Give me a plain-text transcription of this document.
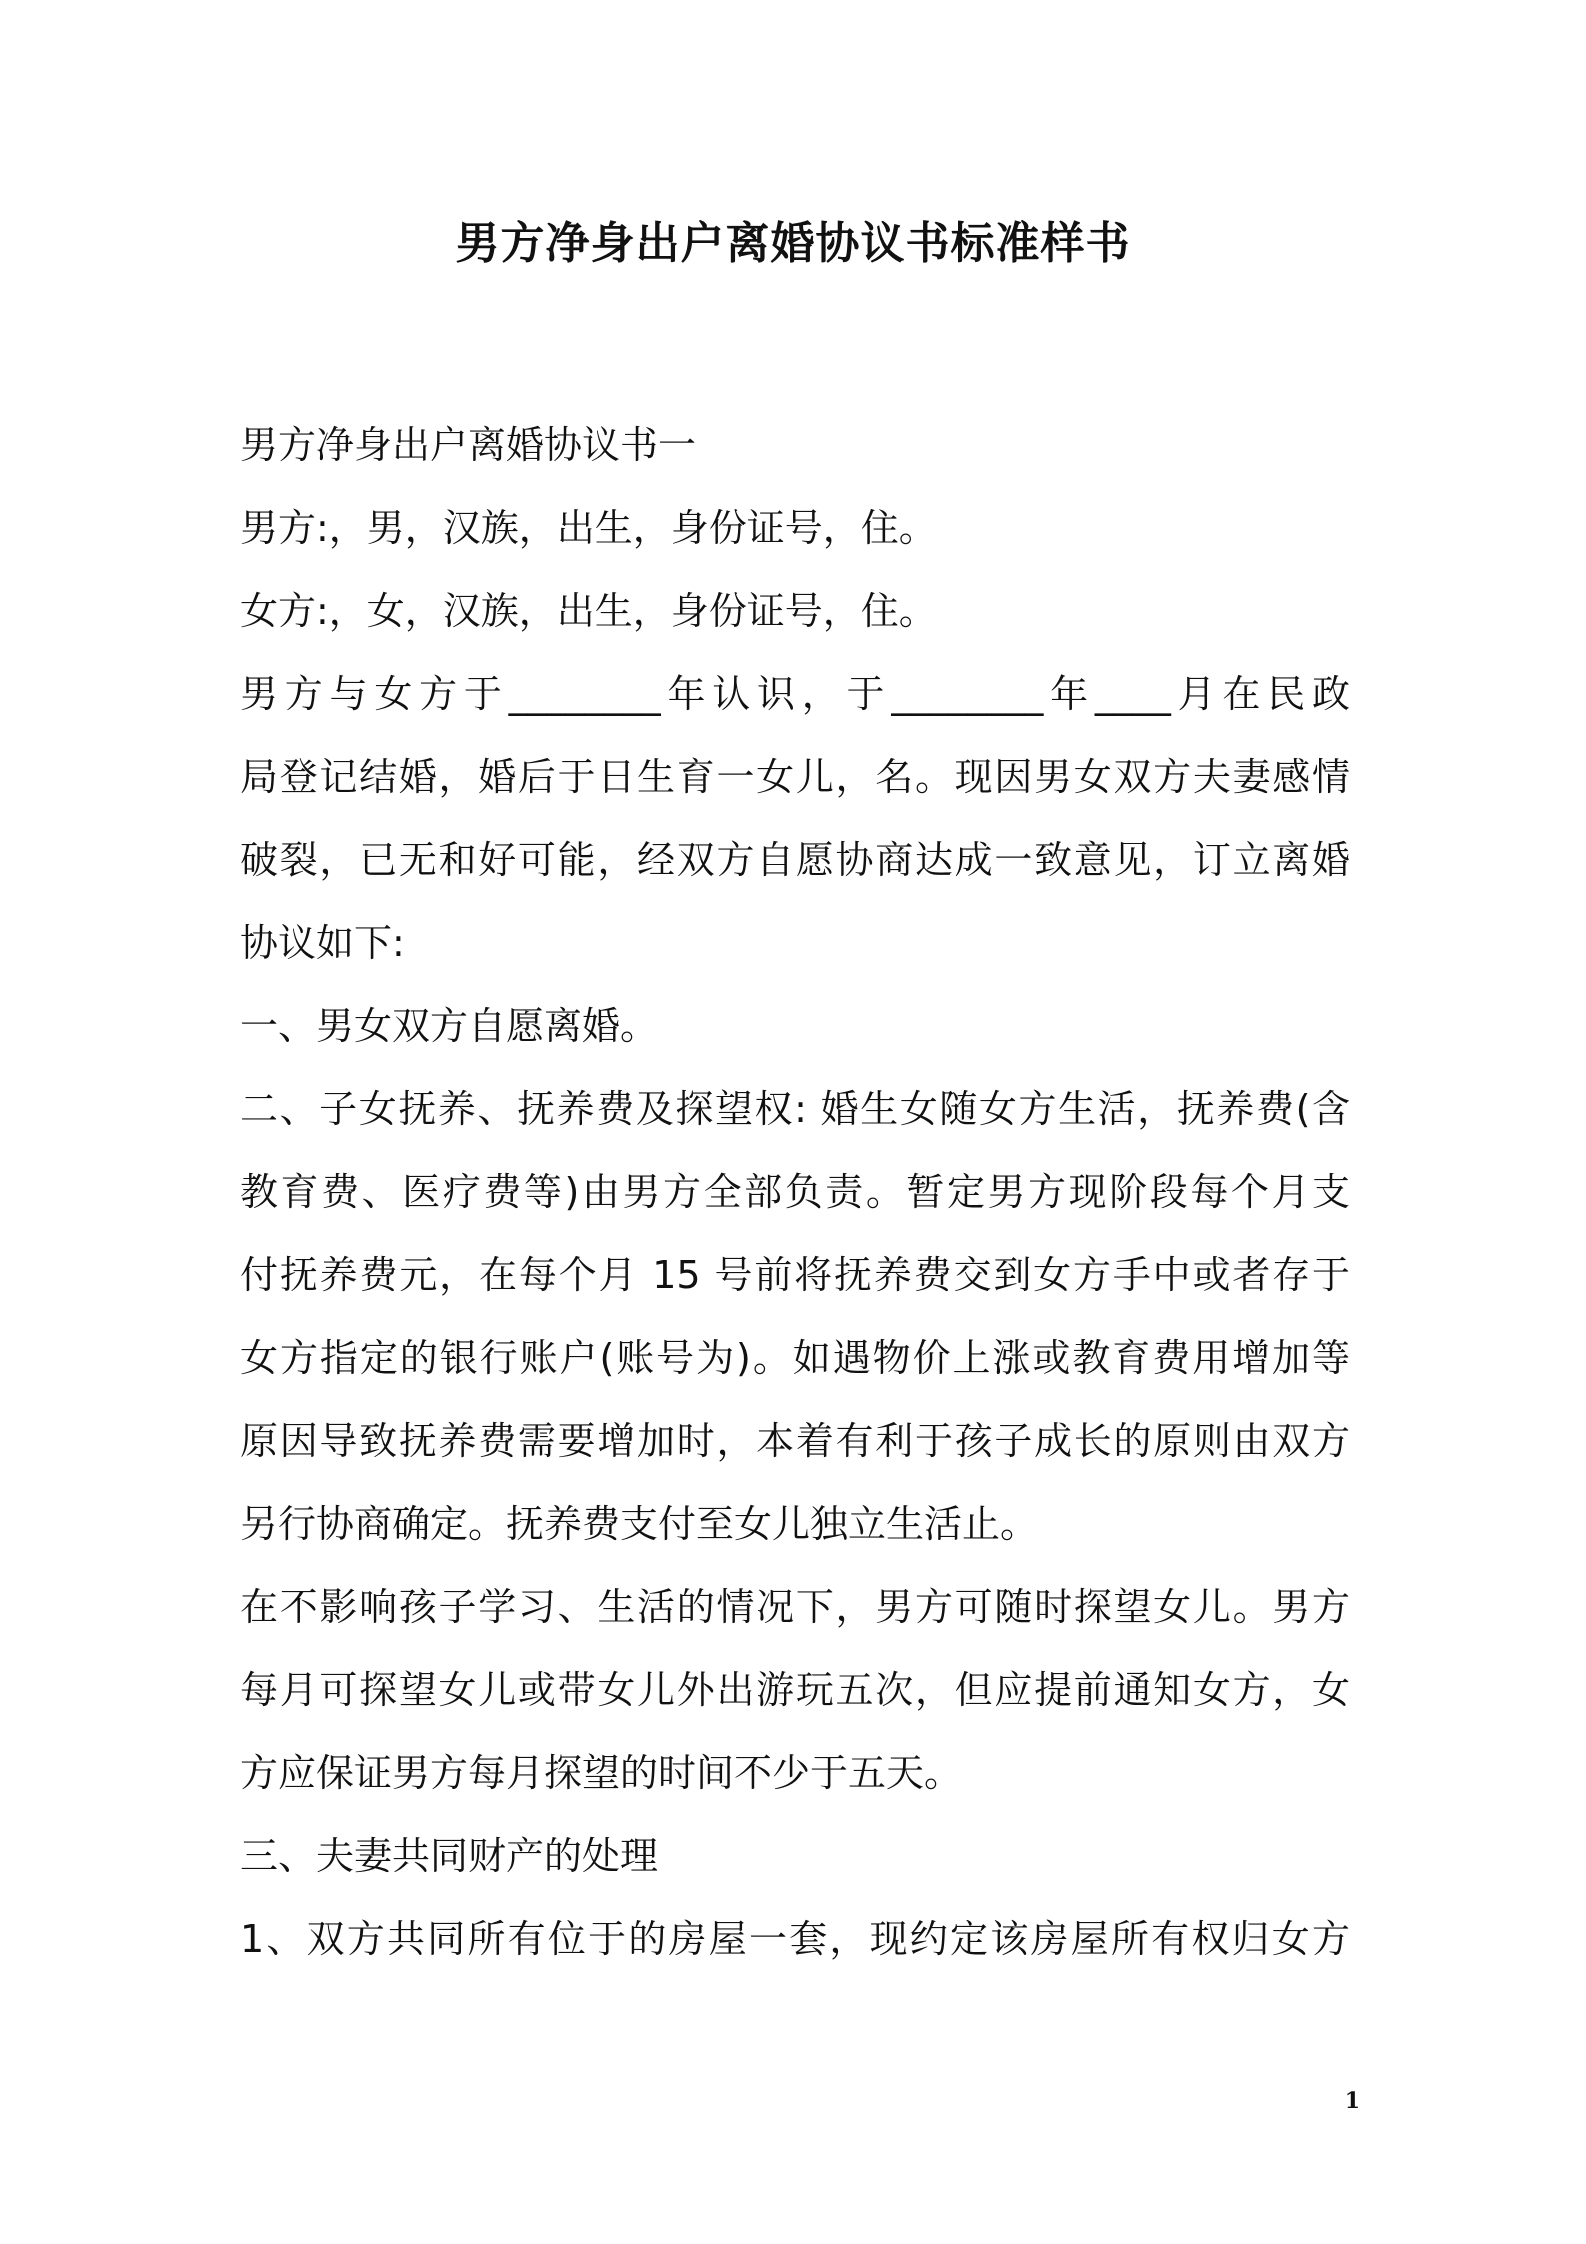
男方净身出户离婚协议书标准样书
男方净身出户离婚协议书一
男方:，男，汉族，出生，身份证号，住。
女方:，女，汉族，出生，身份证号，住。
男方与女方于________年认识，于________年____月在民政
局登记结婚，婚后于日生育一女儿，名。现因男女双方夫妻感情
破裂，已无和好可能，经双方自愿协商达成一致意见，订立离婚
协议如下:
一、男女双方自愿离婚。
二、子女抚养、抚养费及探望权: 婚生女随女方生活，抚养费(含
教育费、医疗费等)由男方全部负责。暂定男方现阶段每个月支
付抚养费元，在每个月 15 号前将抚养费交到女方手中或者存于
女方指定的银行账户(账号为)。如遇物价上涨或教育费用增加等
原因导致抚养费需要增加时，本着有利于孩子成长的原则由双方
另行协商确定。抚养费支付至女儿独立生活止。
在不影响孩子学习、生活的情况下，男方可随时探望女儿。男方
每月可探望女儿或带女儿外出游玩五次，但应提前通知女方，女
方应保证男方每月探望的时间不少于五天。
三、夫妻共同财产的处理
1、双方共同所有位于的房屋一套，现约定该房屋所有权归女方
1
